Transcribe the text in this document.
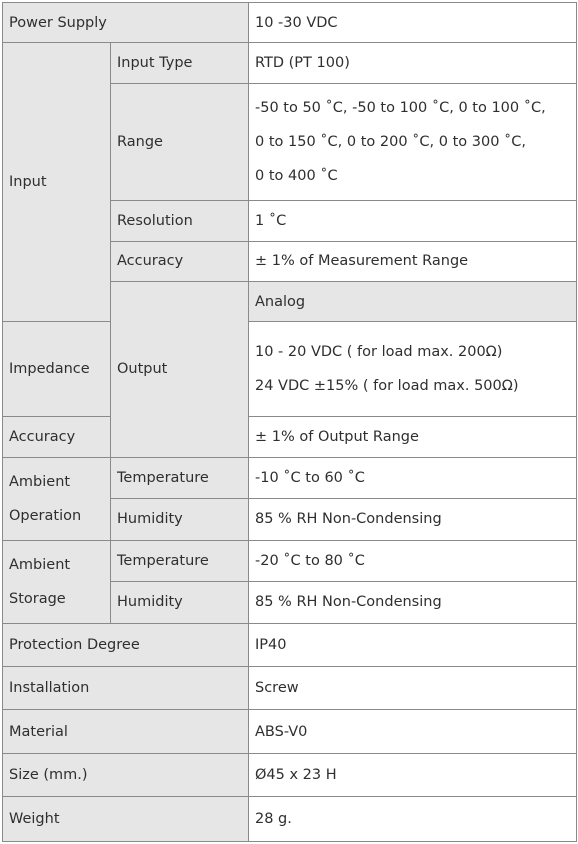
Power Supply		10 -30 VDC	
Input	Input Type	RTD (PT 100)	
	Range	-50 to 50 ˚C, -50 to 100 ˚C, 0 to 100 ˚C,
0 to 150 ˚C, 0 to 200 ˚C, 0 to 300 ˚C,
0 to 400 ˚C	

	Resolution	1 ˚C	
	Accuracy	± 1% of Measurement Range	
	Output	Analog	
Impedance		10 - 20 VDC ( for load max. 200Ω)
24 VDC ±15% ( for load max. 500Ω)	

Accuracy		± 1% of Output Range	

Ambient
Operation	Temperature	-10 ˚C to 60 ˚C	
	Humidity	85 % RH Non-Condensing	

Ambient
Storage	Temperature	-20 ˚C to 80 ˚C	
	Humidity	85 % RH Non-Condensing	
Protection Degree		IP40	
Installation		Screw	
Material		ABS-V0	
Size (mm.)		Ø45 x 23 H	
Weight		28 g.	
